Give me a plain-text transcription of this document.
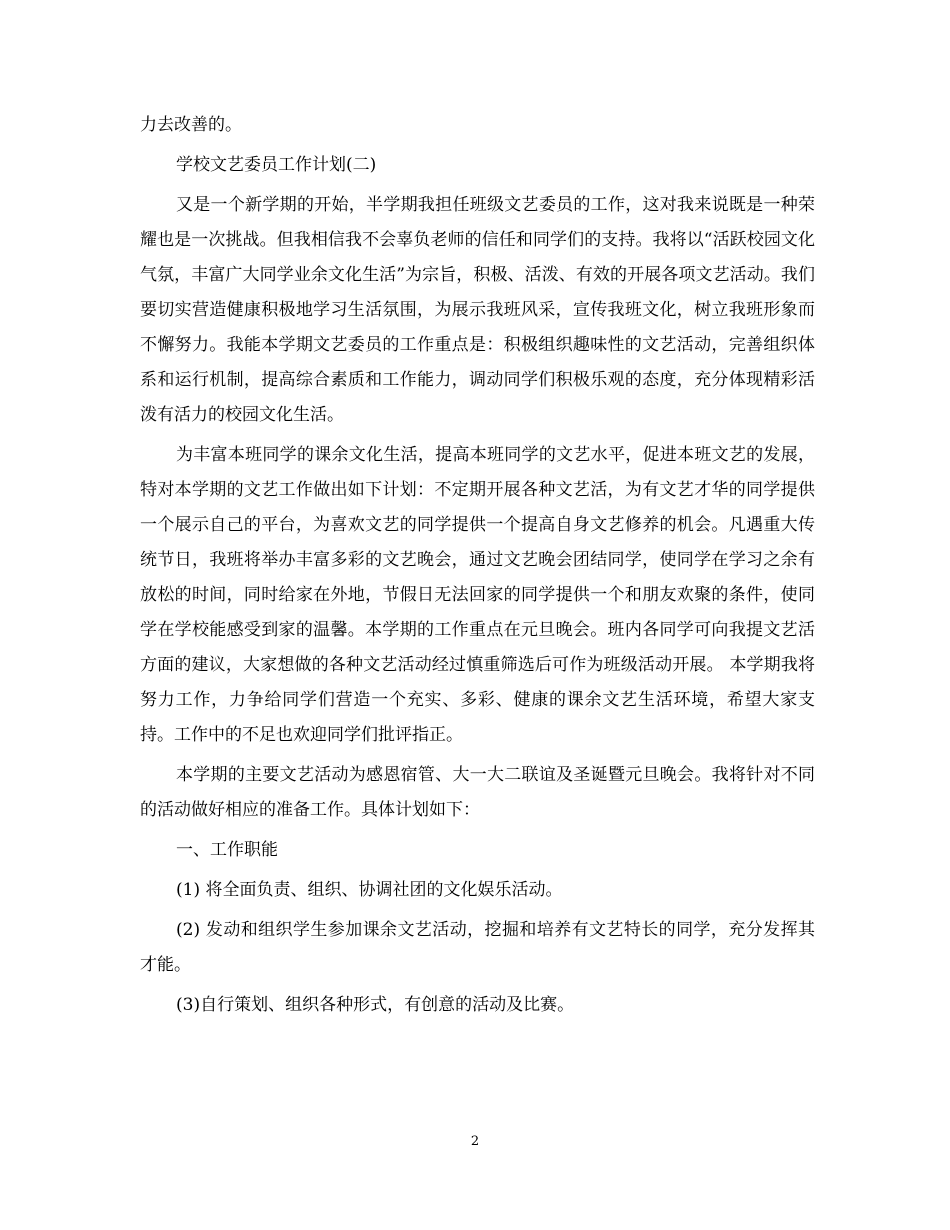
力去改善的。

学校文艺委员工作计划(二)

又是一个新学期的开始，半学期我担任班级文艺委员的工作，这对我来说既是一种荣耀也是一次挑战。但我相信我不会辜负老师的信任和同学们的支持。我将以“活跃校园文化气氛，丰富广大同学业余文化生活”为宗旨，积极、活泼、有效的开展各项文艺活动。我们要切实营造健康积极地学习生活氛围，为展示我班风采，宣传我班文化，树立我班形象而不懈努力。我能本学期文艺委员的工作重点是：积极组织趣味性的文艺活动，完善组织体系和运行机制，提高综合素质和工作能力，调动同学们积极乐观的态度，充分体现精彩活泼有活力的校园文化生活。

为丰富本班同学的课余文化生活，提高本班同学的文艺水平，促进本班文艺的发展，特对本学期的文艺工作做出如下计划：不定期开展各种文艺活，为有文艺才华的同学提供一个展示自己的平台，为喜欢文艺的同学提供一个提高自身文艺修养的机会。凡遇重大传统节日，我班将举办丰富多彩的文艺晚会，通过文艺晚会团结同学，使同学在学习之余有放松的时间，同时给家在外地，节假日无法回家的同学提供一个和朋友欢聚的条件，使同学在学校能感受到家的温馨。本学期的工作重点在元旦晚会。班内各同学可向我提文艺活方面的建议，大家想做的各种文艺活动经过慎重筛选后可作为班级活动开展。 本学期我将努力工作，力争给同学们营造一个充实、多彩、健康的课余文艺生活环境，希望大家支持。工作中的不足也欢迎同学们批评指正。

本学期的主要文艺活动为感恩宿管、大一大二联谊及圣诞暨元旦晚会。我将针对不同的活动做好相应的准备工作。具体计划如下：

一、工作职能

(1) 将全面负责、组织、协调社团的文化娱乐活动。

(2) 发动和组织学生参加课余文艺活动，挖掘和培养有文艺特长的同学，充分发挥其才能。

(3)自行策划、组织各种形式，有创意的活动及比赛。

2
